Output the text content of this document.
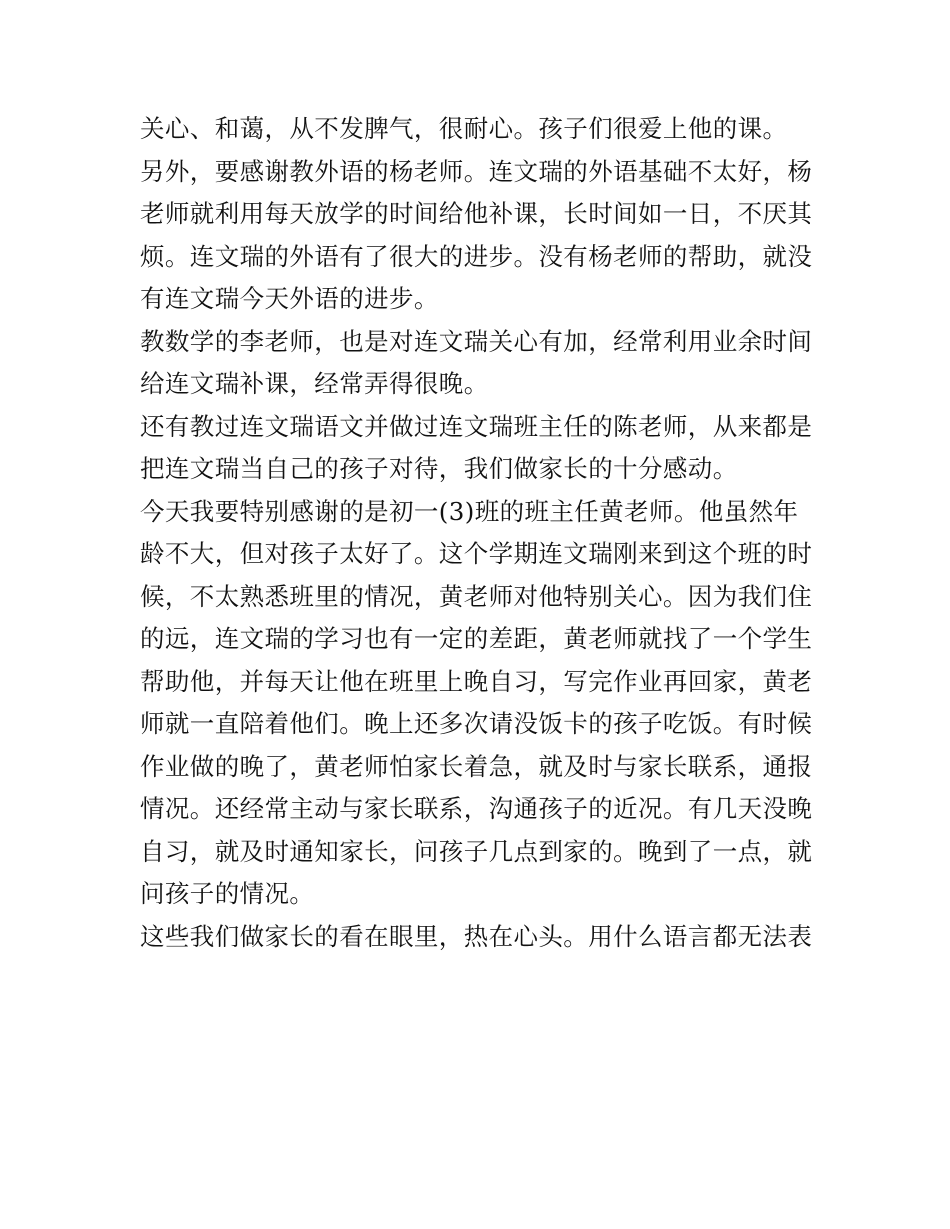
关心、和蔼，从不发脾气，很耐心。孩子们很爱上他的课。
另外，要感谢教外语的杨老师。连文瑞的外语基础不太好，杨
老师就利用每天放学的时间给他补课，长时间如一日，不厌其
烦。连文瑞的外语有了很大的进步。没有杨老师的帮助，就没
有连文瑞今天外语的进步。
教数学的李老师，也是对连文瑞关心有加，经常利用业余时间
给连文瑞补课，经常弄得很晚。
还有教过连文瑞语文并做过连文瑞班主任的陈老师，从来都是
把连文瑞当自己的孩子对待，我们做家长的十分感动。
今天我要特别感谢的是初一(3)班的班主任黄老师。他虽然年
龄不大，但对孩子太好了。这个学期连文瑞刚来到这个班的时
候，不太熟悉班里的情况，黄老师对他特别关心。因为我们住
的远，连文瑞的学习也有一定的差距，黄老师就找了一个学生
帮助他，并每天让他在班里上晚自习，写完作业再回家，黄老
师就一直陪着他们。晚上还多次请没饭卡的孩子吃饭。有时候
作业做的晚了，黄老师怕家长着急，就及时与家长联系，通报
情况。还经常主动与家长联系，沟通孩子的近况。有几天没晚
自习，就及时通知家长，问孩子几点到家的。晚到了一点，就
问孩子的情况。
这些我们做家长的看在眼里，热在心头。用什么语言都无法表
